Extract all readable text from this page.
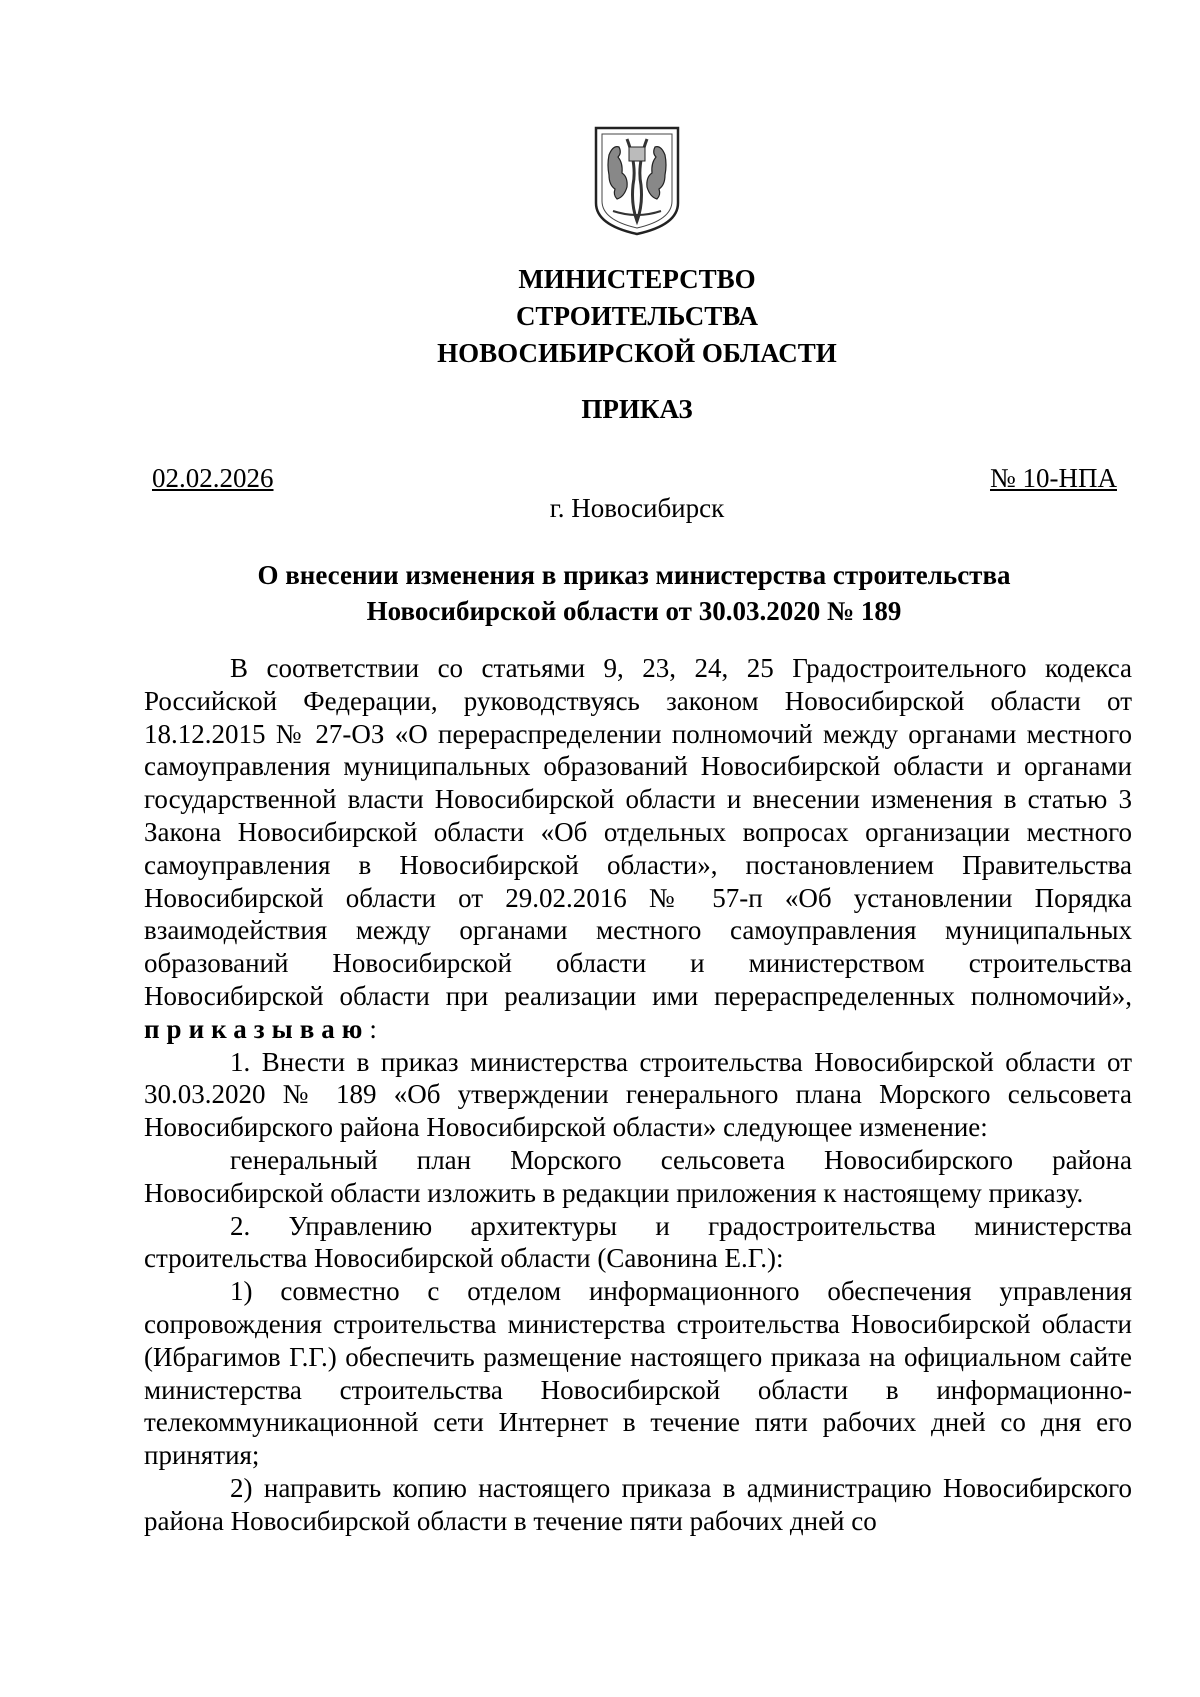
МИНИСТЕРСТВО
СТРОИТЕЛЬСТВА
НОВОСИБИРСКОЙ ОБЛАСТИ
ПРИКАЗ
02.02.2026	№ 10-НПА
г. Новосибирск
О внесении изменения в приказ министерства строительства
Новосибирской области от 30.03.2020 № 189

В соответствии со статьями 9, 23, 24, 25 Градостроительного кодекса Российской Федерации, руководствуясь законом Новосибирской области от 18.12.2015 № 27-ОЗ «О перераспределении полномочий между органами местного самоуправления муниципальных образований Новосибирской области и органами государственной власти Новосибирской области и внесении изменения в статью 3 Закона Новосибирской области «Об отдельных вопросах организации местного самоуправления в Новосибирской области», постановлением Правительства Новосибирской области от 29.02.2016 № 57-п «Об установлении Порядка взаимодействия между органами местного самоуправления муниципальных образований Новосибирской области и министерством строительства Новосибирской области при реализации ими перераспределенных полномочий», приказываю:

1. Внести в приказ министерства строительства Новосибирской области от 30.03.2020 № 189 «Об утверждении генерального плана Морского сельсовета Новосибирского района Новосибирской области» следующее изменение:

генеральный план Морского сельсовета Новосибирского района Новосибирской области изложить в редакции приложения к настоящему приказу.

2. Управлению архитектуры и градостроительства министерства строительства Новосибирской области (Савонина Е.Г.):

1) совместно с отделом информационного обеспечения управления сопровождения строительства министерства строительства Новосибирской области (Ибрагимов Г.Г.) обеспечить размещение настоящего приказа на официальном сайте министерства строительства Новосибирской области в информационно-телекоммуникационной сети Интернет в течение пяти рабочих дней со дня его принятия;

2) направить копию настоящего приказа в администрацию Новосибирского района Новосибирской области в течение пяти рабочих дней со
